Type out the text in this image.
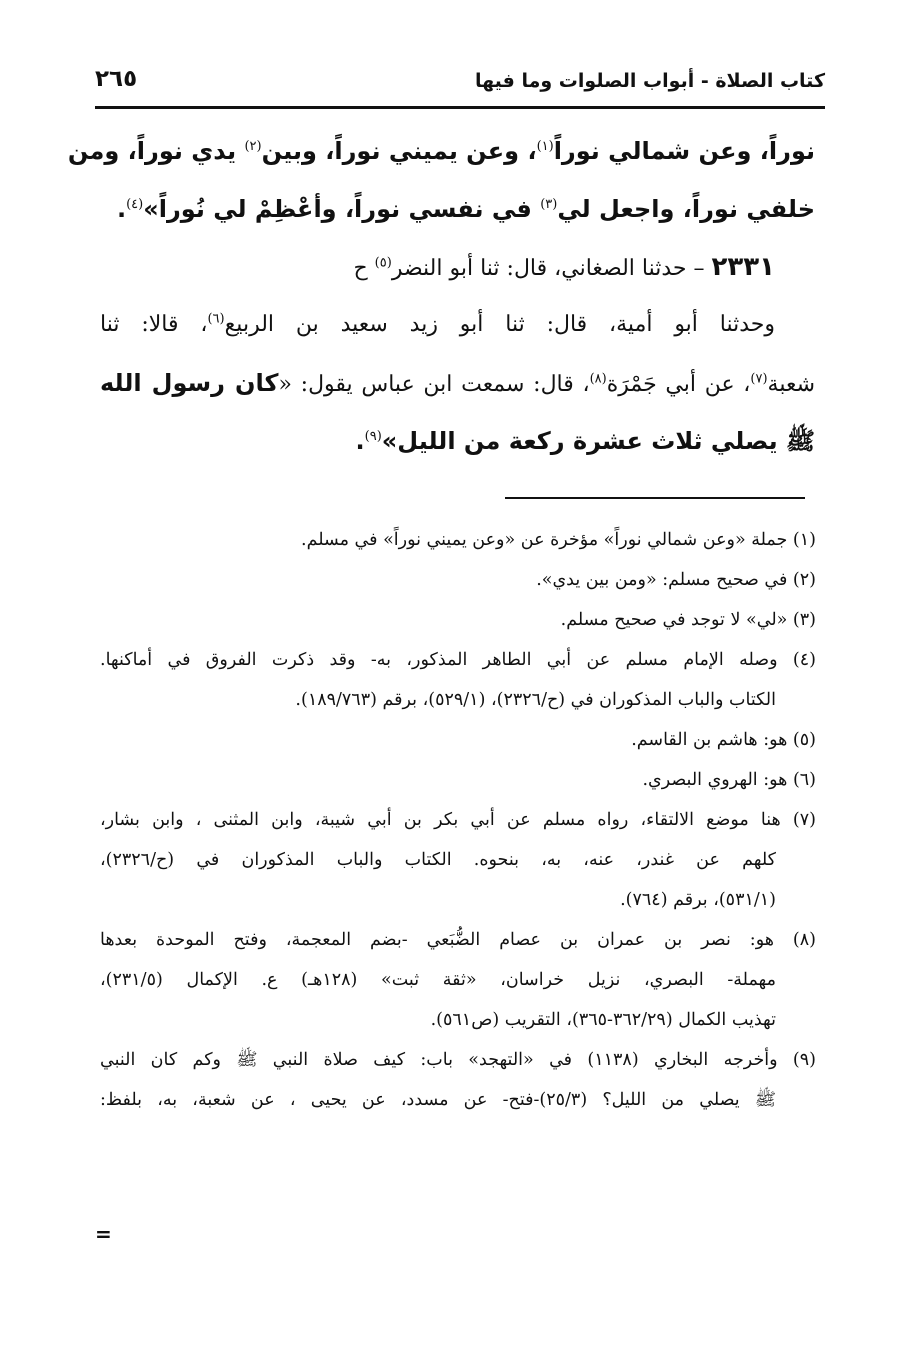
كتاب الصلاة - أبواب الصلوات وما فيها
٢٦٥
نوراً، وعن شمالي نوراً$^{(١)}$، وعن يميني نوراً، وبين$^{(٢)}$ يدي نوراً، ومن
خلفي نوراً، واجعل لي$^{(٣)}$ في نفسي نوراً، وأعْظِمْ لي نُوراً»$^{(٤)}$.
٢٣٣١ – حدثنا الصغاني، قال: ثنا أبو النضر$^{(٥)}$ ح
وحدثنا أبو أمية، قال: ثنا أبو زيد سعيد بن الربيع$^{(٦)}$، قالا: ثنا
شعبة$^{(٧)}$، عن أبي جَمْرَة$^{(٨)}$، قال: سمعت ابن عباس يقول: «كان رسول الله
ﷺ يصلي ثلاث عشرة ركعة من الليل»$^{(٩)}$.
(١) جملة «وعن شمالي نوراً» مؤخرة عن «وعن يميني نوراً» في مسلم.
(٢) في صحيح مسلم: «ومن بين يدي».
(٣) «لي» لا توجد في صحيح مسلم.
(٤) وصله الإمام مسلم عن أبي الطاهر المذكور، به- وقد ذكرت الفروق في أماكنها.
الكتاب والباب المذكوران في (ح/٢٣٢٦)، (٥٢٩/١)، برقم (١٨٩/٧٦٣).
(٥) هو: هاشم بن القاسم.
(٦) هو: الهروي البصري.
(٧) هنا موضع الالتقاء، رواه مسلم عن أبي بكر بن أبي شيبة، وابن المثنى ، وابن بشار،
كلهم عن غندر، عنه، به، بنحوه. الكتاب والباب المذكوران في (ح/٢٣٢٦)،
(٥٣١/١)، برقم (٧٦٤).
(٨) هو: نصر بن عمران بن عصام الضُّبَعي -بضم المعجمة، وفتح الموحدة بعدها
مهملة- البصري، نزيل خراسان، «ثقة ثبت» (١٢٨هـ) ع. الإكمال (٢٣١/٥)،
تهذيب الكمال (٣٦٢/٢٩-٣٦٥)، التقريب (ص٥٦١).
(٩) وأخرجه البخاري (١١٣٨) في «التهجد» باب: كيف صلاة النبي ﷺ وكم كان النبي
ﷺ يصلي من الليل؟ (٢٥/٣)-فتح- عن مسدد، عن يحيى ، عن شعبة، به، بلفظ:
=
